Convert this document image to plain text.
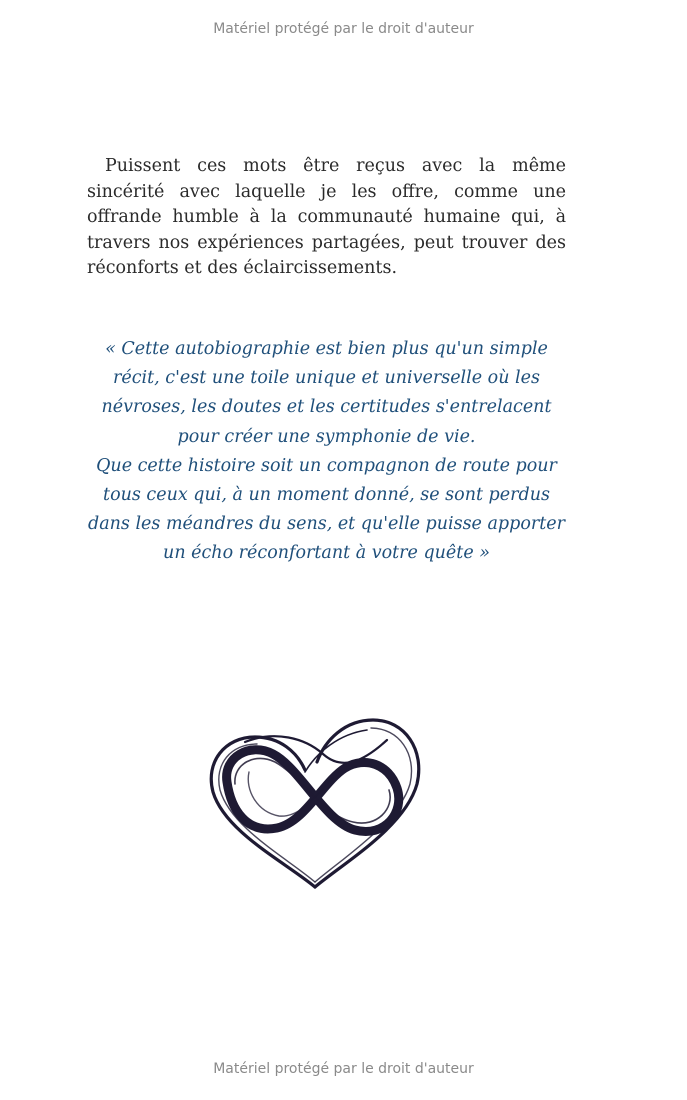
Matériel protégé par le droit d'auteur

Puissent ces mots être reçus avec la même sincérité avec laquelle je les offre, comme une offrande humble à la communauté humaine qui, à travers nos expériences partagées, peut trouver des réconforts et des éclaircissements.

« Cette autobiographie est bien plus qu'un simple récit, c'est une toile unique et universelle où les névroses, les doutes et les certitudes s'entrelacent pour créer une symphonie de vie.
Que cette histoire soit un compagnon de route pour tous ceux qui, à un moment donné, se sont perdus dans les méandres du sens, et qu'elle puisse apporter un écho réconfortant à votre quête »

Matériel protégé par le droit d'auteur
